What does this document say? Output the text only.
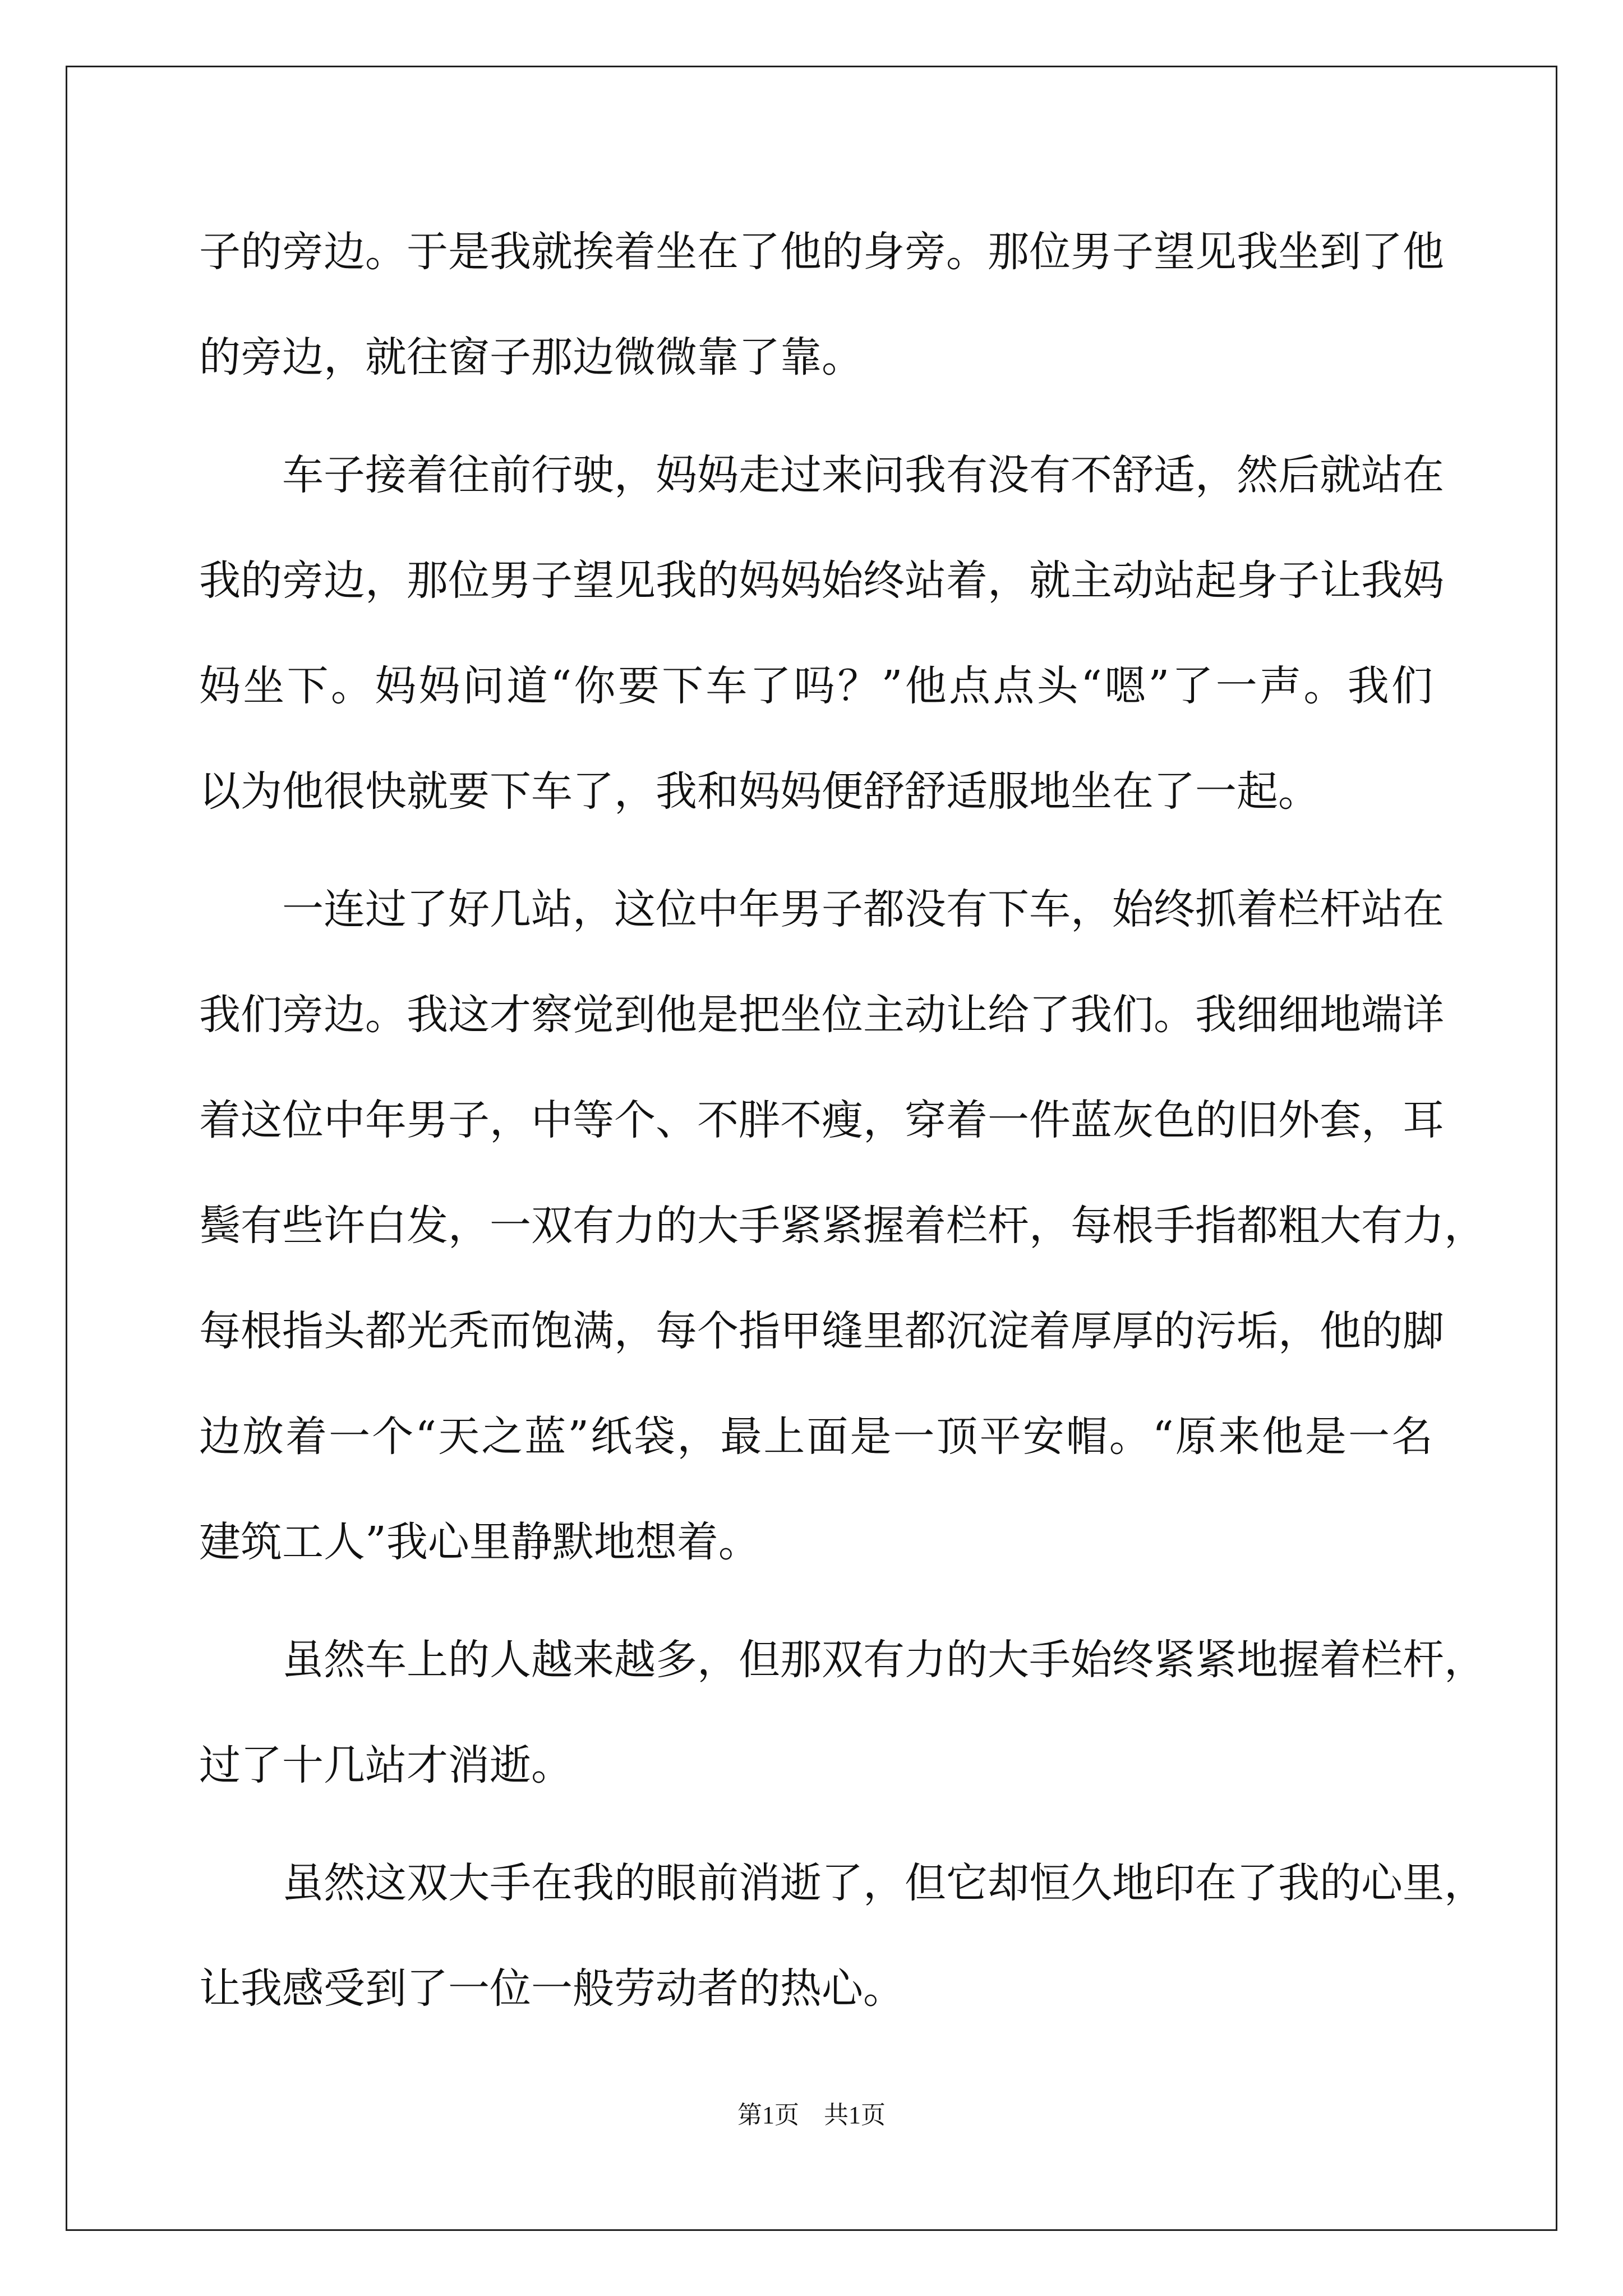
子的旁边。于是我就挨着坐在了他的身旁。那位男子望见我坐到了他
的旁边，就往窗子那边微微靠了靠。
车子接着往前行驶，妈妈走过来问我有没有不舒适，然后就站在
我的旁边，那位男子望见我的妈妈始终站着，就主动站起身子让我妈
妈坐下。妈妈问道“你要下车了吗？”他点点头“嗯”了一声。我们
以为他很快就要下车了，我和妈妈便舒舒适服地坐在了一起。
一连过了好几站，这位中年男子都没有下车，始终抓着栏杆站在
我们旁边。我这才察觉到他是把坐位主动让给了我们。我细细地端详
着这位中年男子，中等个、不胖不瘦，穿着一件蓝灰色的旧外套，耳
鬓有些许白发，一双有力的大手紧紧握着栏杆，每根手指都粗大有力，
每根指头都光秃而饱满，每个指甲缝里都沉淀着厚厚的污垢，他的脚
边放着一个“天之蓝”纸袋，最上面是一顶平安帽。“原来他是一名
建筑工人”我心里静默地想着。
虽然车上的人越来越多，但那双有力的大手始终紧紧地握着栏杆，
过了十几站才消逝。
虽然这双大手在我的眼前消逝了，但它却恒久地印在了我的心里，
让我感受到了一位一般劳动者的热心。
第1页　共1页
